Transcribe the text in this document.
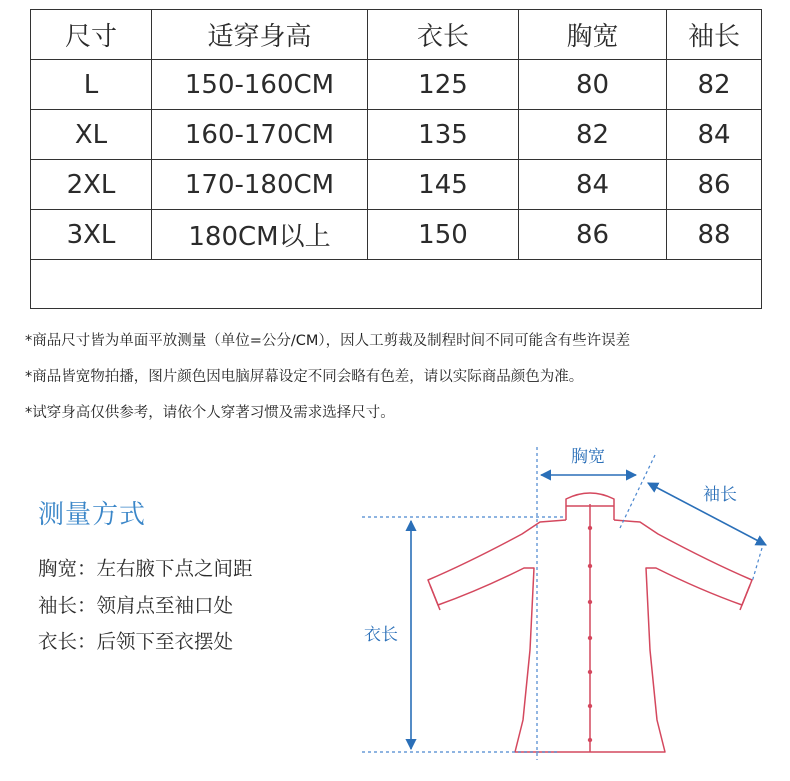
尺寸	适穿身高	衣长	胸宽	袖长
L	150-160CM	125	80	82
XL	160-170CM	135	82	84
2XL	170-180CM	145	84	86
3XL	180CM以上	150	86	88

*商品尺寸皆为单面平放测量（单位=公分/CM），因人工剪裁及制程时间不同可能含有些许误差
*商品皆宽物拍播，图片颜色因电脑屏幕设定不同会略有色差，请以实际商品颜色为准。
*试穿身高仅供参考，请依个人穿著习惯及需求选择尺寸。
测量方式
胸宽：左右腋下点之间距
袖长：领肩点至袖口处
衣长：后领下至衣摆处
胸宽
袖长
衣长
